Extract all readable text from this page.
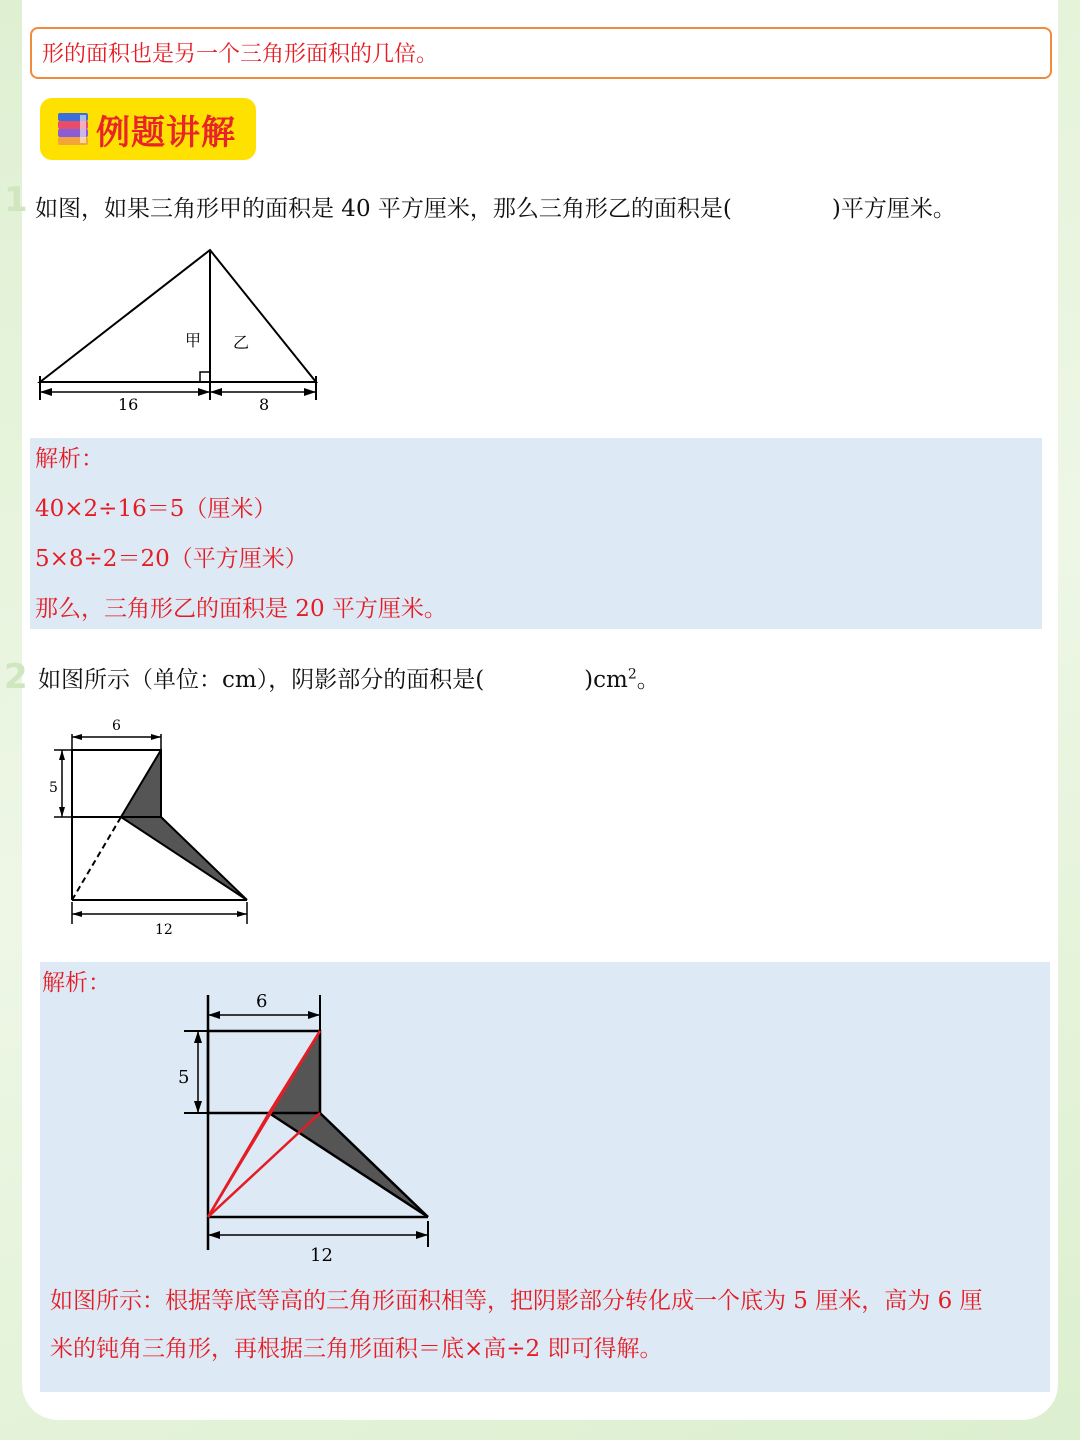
形的面积也是另一个三角形面积的几倍。
例题讲解
1 如图，如果三角形甲的面积是 40 平方厘米，那么三角形乙的面积是(	)平方厘米。
甲 乙
16	8
解析：
40×2÷16＝5（厘米）
5×8÷2＝20（平方厘米）
那么，三角形乙的面积是 20 平方厘米。
2 如图所示（单位：cm），阴影部分的面积是(	)$cm^2$。
6
5
12
解析：
6
5
12
如图所示：根据等底等高的三角形面积相等，把阴影部分转化成一个底为 5 厘米，高为 6 厘
米的钝角三角形，再根据三角形面积＝底×高÷2 即可得解。
